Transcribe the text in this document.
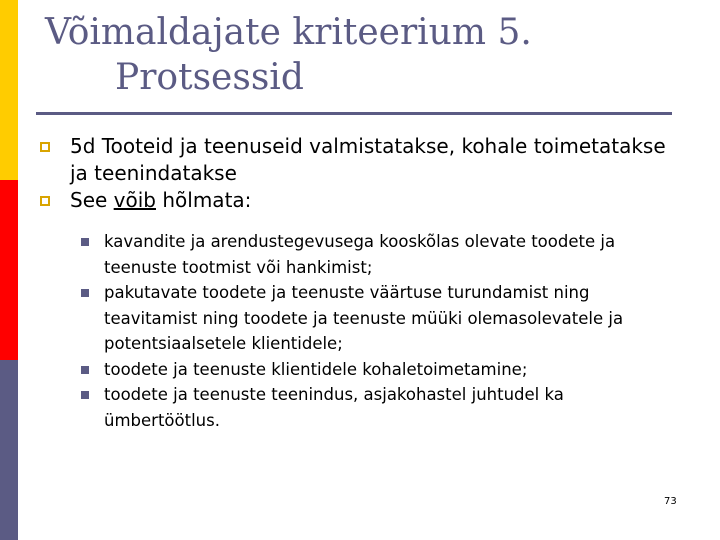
Võimaldajate kriteerium 5.
Protsessid
5d Tooteid ja teenuseid valmistatakse, kohale toimetatakse ja teenindatakse
See võib hõlmata:
kavandite ja arendustegevusega kooskõlas olevate toodete ja teenuste tootmist või hankimist;
pakutavate toodete ja teenuste väärtuse turundamist ning teavitamist ning toodete ja teenuste müüki olemasolevatele ja potentsiaalsetele klientidele;
toodete ja teenuste klientidele kohaletoimetamine;
toodete ja teenuste teenindus, asjakohastel juhtudel ka ümbertöötlus.
73
